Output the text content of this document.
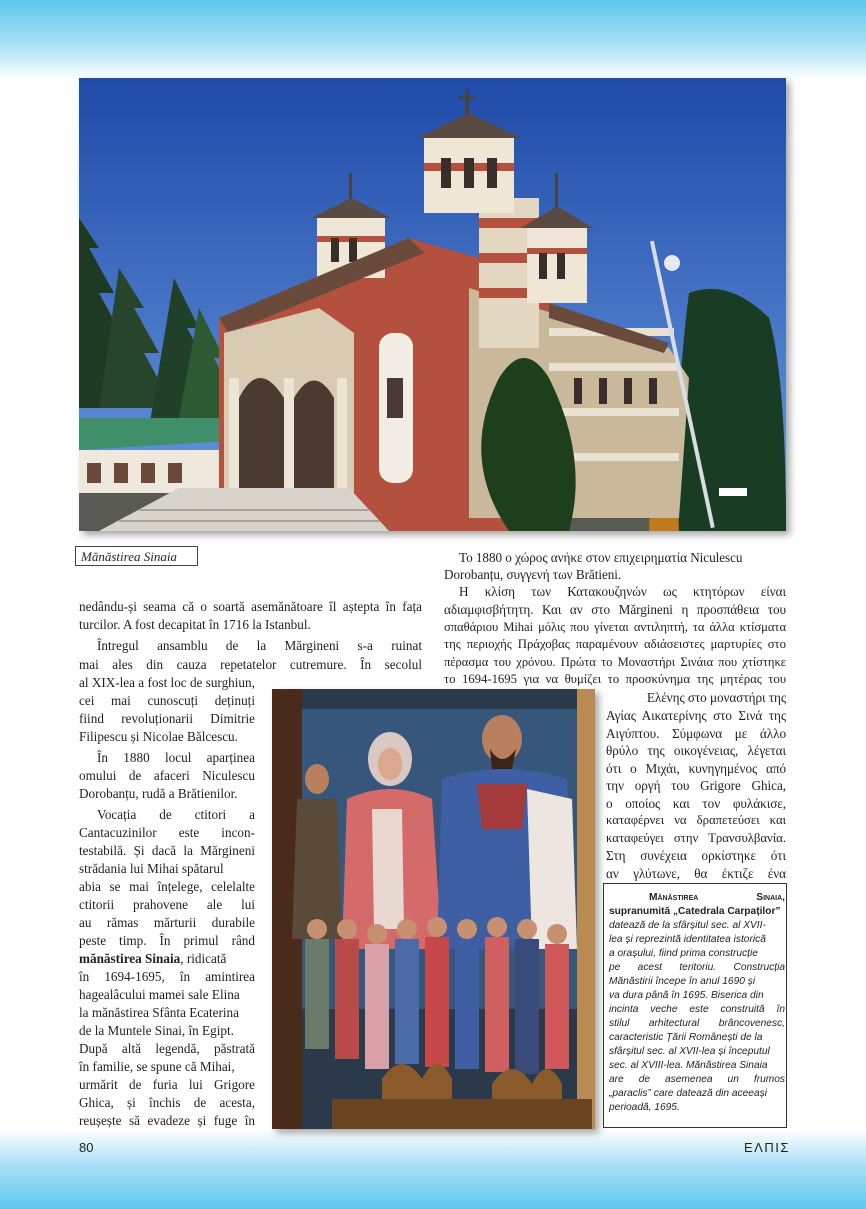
Mănăstirea Sinaia	Το 1880 ο χώρος ανήκε στον επιχειρηματία Niculescu
Dorobanțu, συγγενή των Brătieni.
Η κλίση των Κατακουζηνών ως κτητόρων είναι
αδιαμφισβήτητη. Και αν στο Mărgineni η προσπάθεια του
σπαθάριου Mihai μόλις που γίνεται αντιληπτή, τα άλλα κτίσματα
της περιοχής Πράχοβας παραμένουν αδιάσειστες μαρτυρίες στο
πέρασμα του χρόνου. Πρώτα το Μοναστήρι Σινάια που χτίστηκε
το 1694-1695 για να θυμίζει το προσκύνημα της μητέρας του
Ελένης στο μοναστήρι της
Αγίας Αικατερίνης στο Σινά της
Αιγύπτου. Σύμφωνα με άλλο
θρύλο της οικογένειας, λέγεται
ότι ο Μιχάι, κυνηγημένος από
την οργή του Grigore Ghica,
ο οποίος και τον φυλάκισε,
καταφέρνει να δραπετεύσει και
καταφεύγει στην Τρανσυλβανία.
Στη συνέχεια ορκίστηκε ότι
αν γλύτωνε, θα έκτιζε ένα
nedându-și seama că o soartă asemănătoare îl aștepta în fața
turcilor. A fost decapitat în 1716 la Istanbul.
Întregul ansamblu de la Mărgineni s-a ruinat
mai ales din cauza repetatelor cutremure. În secolul
al XIX-lea a fost loc de surghiun,
cei mai cunoscuți deținuți
fiind revoluționarii Dimitrie
Filipescu și Nicolae Bălcescu.
În 1880 locul aparținea
omului de afaceri Niculescu
Dorobanțu, rudă a Brătienilor.
Vocația de ctitori a
Cantacuzinilor este incon-
testabilă. Și dacă la Mărgineni
strădania lui Mihai spătarul
abia se mai înțelege, celelalte
ctitorii prahovene ale lui
au rămas mărturii durabile
peste timp. În primul rând
mănăstirea Sinaia, ridicată
în 1694-1695, în amintirea
hagealâcului mamei sale Elina
la mănăstirea Sfânta Ecaterina
de la Muntele Sinai, în Egipt.
După altă legendă, păstrată
în familie, se spune că Mihai,
urmărit de furia lui Grigore
Ghica, și închis de acesta,
reușește să evadeze și fuge în
Mănăstirea Sinaia,
supranumită „Catedrala Carpaților”
datează de la sfârșitul sec. al XVII-
lea și reprezintă identitatea istorică
a orașului, fiind prima construcție
pe acest teritoriu. Construcția
Mănăstirii începe în anul 1690 și
va dura până în 1695. Biserica din
incinta veche este construită în
stilul arhitectural brâncovenesc,
caracteristic Țării Românești de la
sfârșitul sec. al XVII-lea și începutul
sec. al XVIII-lea. Mănăstirea Sinaia
are de asemenea un frumos
„paraclis” care datează din aceeași
perioadă, 1695.
80	ΕΛΠΙΣ
